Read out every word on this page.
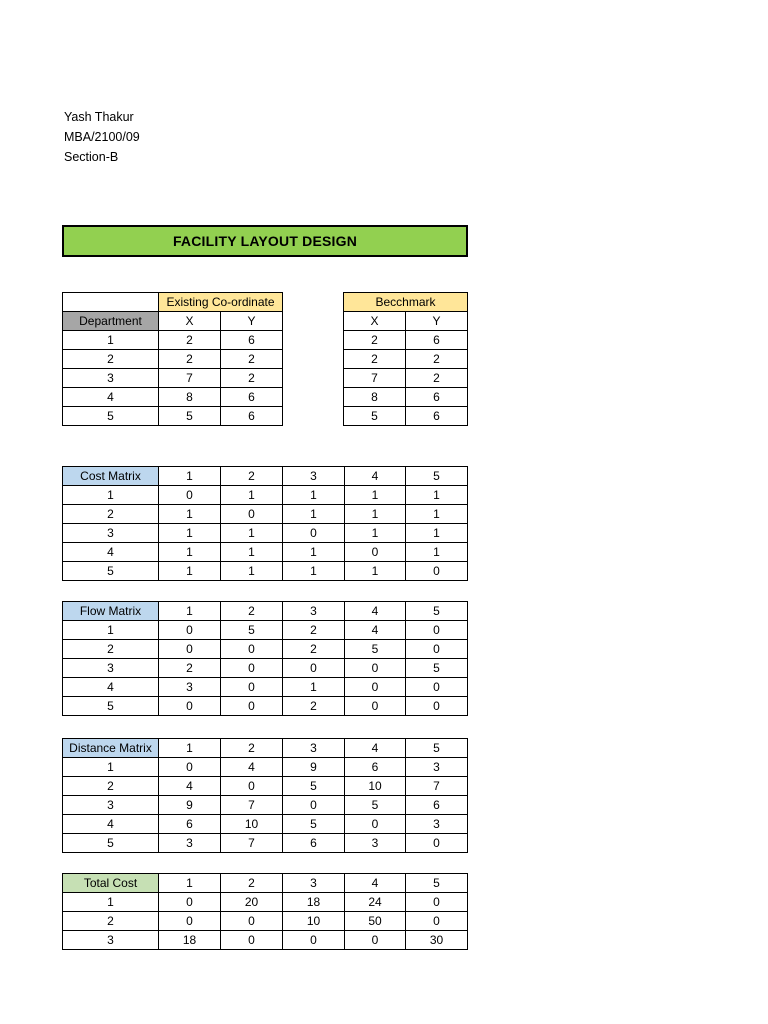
Yash Thakur
MBA/2100/09
Section-B
FACILITY LAYOUT DESIGN
	Existing Co-ordinate			Becchmark	
Department	X	Y		X	Y
1	2	6		2	6
2	2	2		2	2
3	7	2		7	2
4	8	6		8	6
5	5	6		5	6
Cost Matrix	1	2	3	4	5
1	0	1	1	1	1
2	1	0	1	1	1
3	1	1	0	1	1
4	1	1	1	0	1
5	1	1	1	1	0
Flow Matrix	1	2	3	4	5
1	0	5	2	4	0
2	0	0	2	5	0
3	2	0	0	0	5
4	3	0	1	0	0
5	0	0	2	0	0
Distance Matrix	1	2	3	4	5
1	0	4	9	6	3
2	4	0	5	10	7
3	9	7	0	5	6
4	6	10	5	0	3
5	3	7	6	3	0
Total Cost	1	2	3	4	5
1	0	20	18	24	0
2	0	0	10	50	0
3	18	0	0	0	30
